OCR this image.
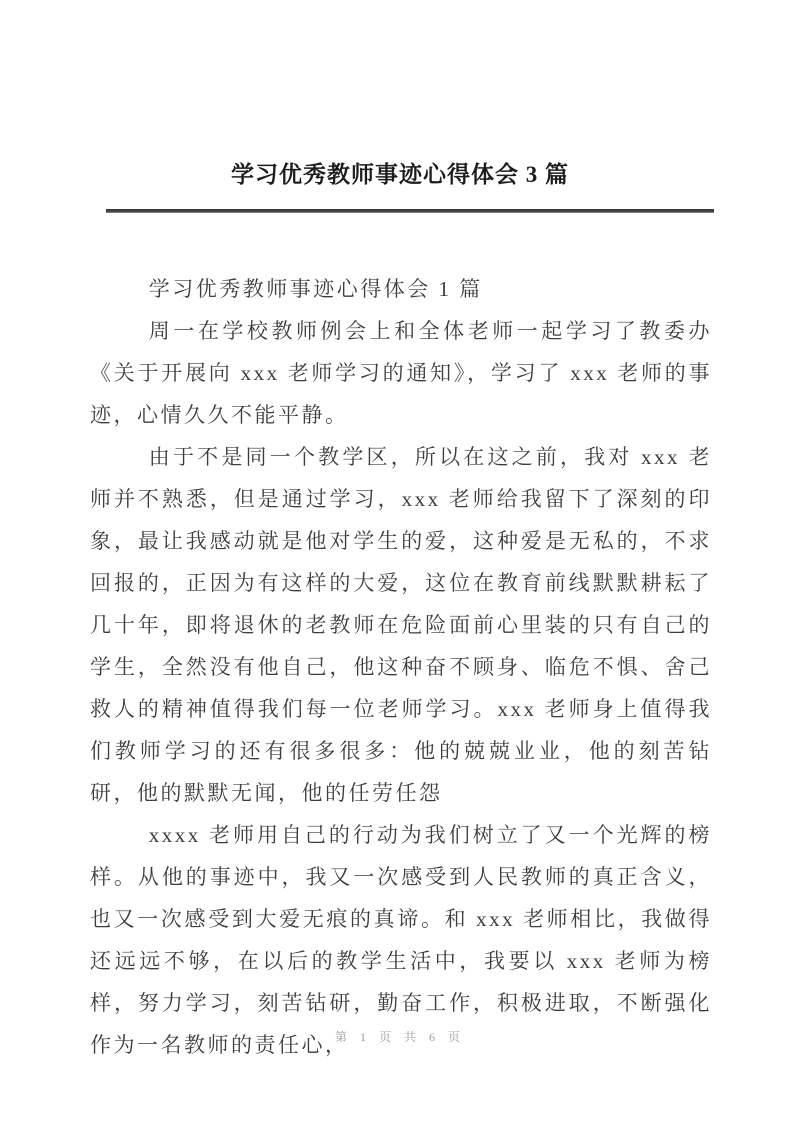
学习优秀教师事迹心得体会 3 篇

学习优秀教师事迹心得体会 1 篇

周一在学校教师例会上和全体老师一起学习了教委办《关于开展向 xxx 老师学习的通知》，学习了 xxx 老师的事迹，心情久久不能平静。

由于不是同一个教学区，所以在这之前，我对 xxx 老师并不熟悉，但是通过学习，xxx 老师给我留下了深刻的印象，最让我感动就是他对学生的爱，这种爱是无私的，不求回报的，正因为有这样的大爱，这位在教育前线默默耕耘了几十年，即将退休的老教师在危险面前心里装的只有自己的学生，全然没有他自己，他这种奋不顾身、临危不惧、舍己救人的精神值得我们每一位老师学习。xxx 老师身上值得我们教师学习的还有很多很多：他的兢兢业业，他的刻苦钻研，他的默默无闻，他的任劳任怨

xxxx 老师用自己的行动为我们树立了又一个光辉的榜样。从他的事迹中，我又一次感受到人民教师的真正含义，也又一次感受到大爱无痕的真谛。和 xxx 老师相比，我做得还远远不够，在以后的教学生活中，我要以 xxx 老师为榜样，努力学习，刻苦钻研，勤奋工作，积极进取，不断强化作为一名教师的责任心，

第 1 页 共 6 页
